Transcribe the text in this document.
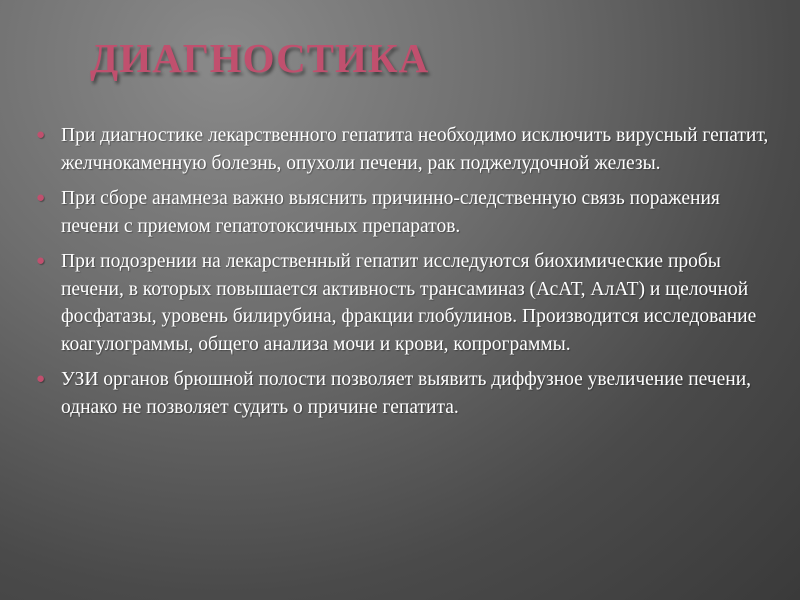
ДИАГНОСТИКА
● При диагностике лекарственного гепатита необходимо исключить вирусный гепатит, желчнокаменную болезнь, опухоли печени, рак поджелудочной железы.
● При сборе анамнеза важно выяснить причинно-следственную связь поражения печени с приемом гепатотоксичных препаратов.
● При подозрении на лекарственный гепатит исследуются биохимические пробы печени, в которых повышается активность трансаминаз (АсАТ, АлАТ) и щелочной фосфатазы, уровень билирубина, фракции глобулинов. Производится исследование коагулограммы, общего анализа мочи и крови, копрограммы.
● УЗИ органов брюшной полости позволяет выявить диффузное увеличение печени, однако не позволяет судить о причине гепатита.
